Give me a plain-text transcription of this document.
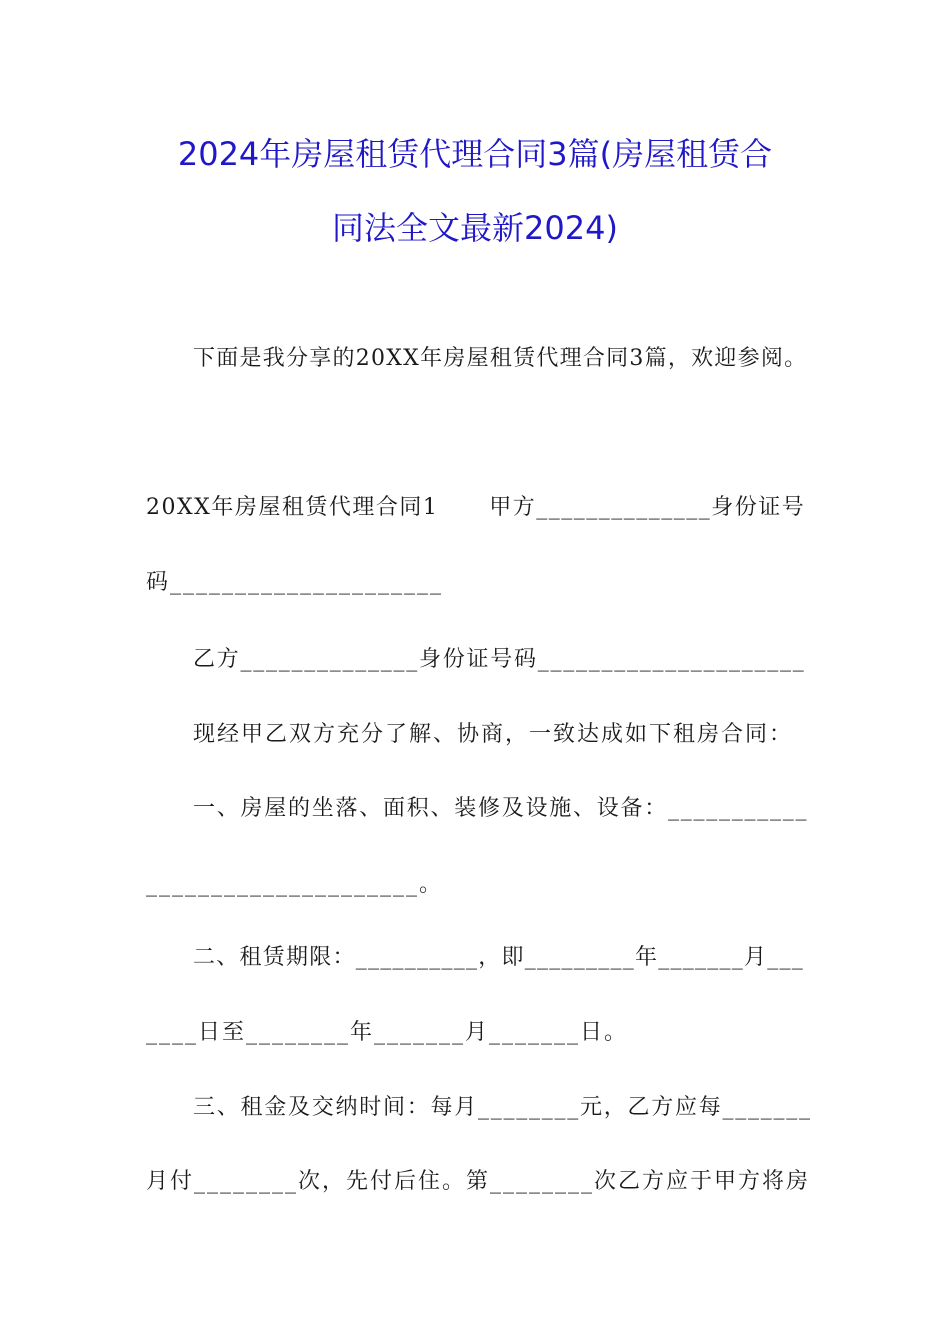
2024年房屋租赁代理合同3篇(房屋租赁合
同法全文最新2024)
下面是我分享的20XX年房屋租赁代理合同3篇，欢迎参阅。
20XX年房屋租赁代理合同1      甲方______________身份证号
码_____________________
乙方______________身份证号码_____________________
现经甲乙双方充分了解、协商，一致达成如下租房合同：
一、房屋的坐落、面积、装修及设施、设备：___________
_____________________。
二、租赁期限：__________，即_________年_______月___
____日至________年_______月_______日。
三、租金及交纳时间：每月________元，乙方应每_______
月付________次，先付后住。第________次乙方应于甲方将房
